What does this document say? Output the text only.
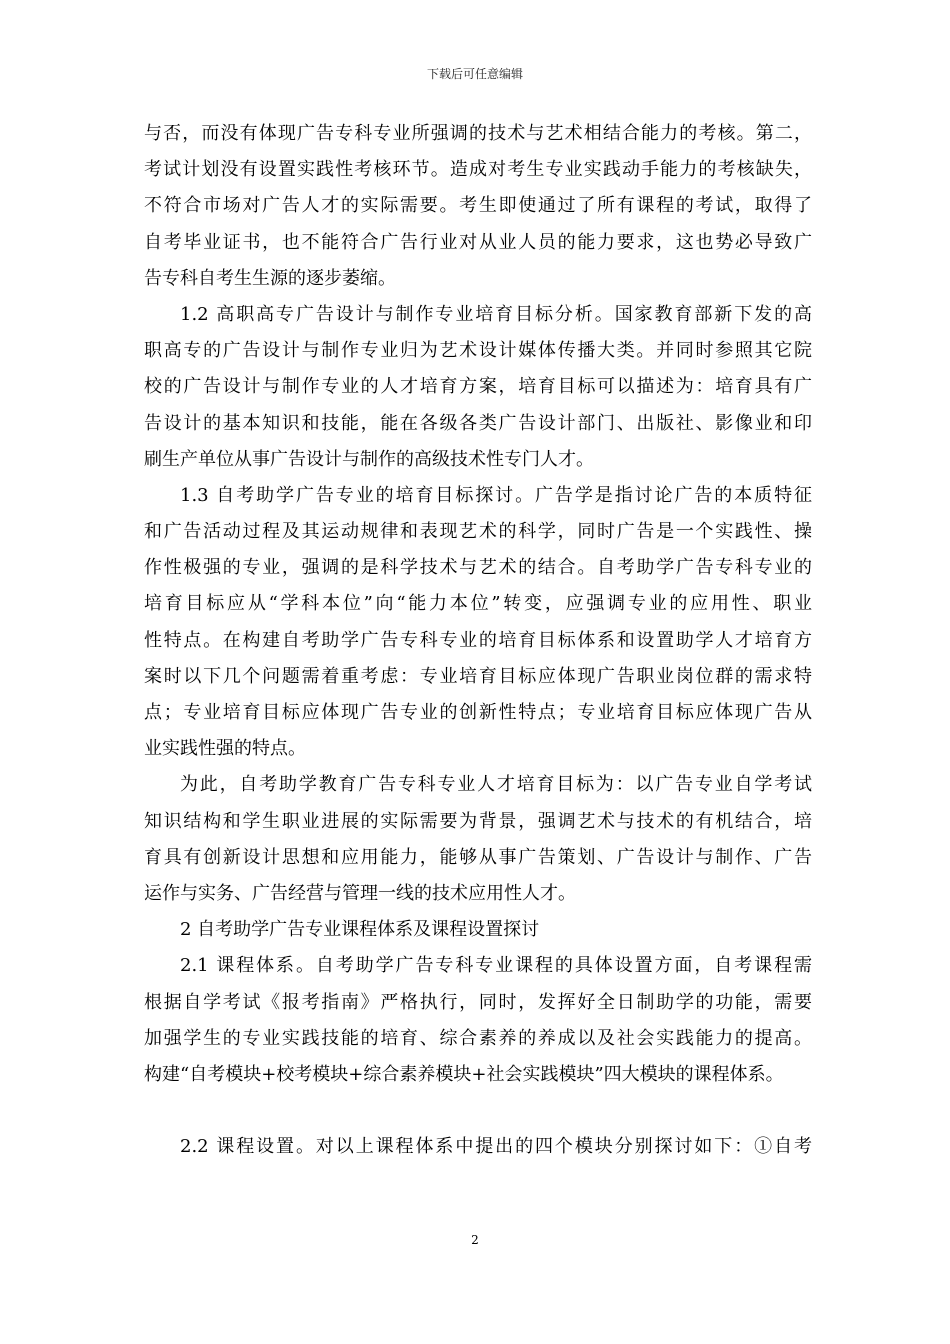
下载后可任意编辑
与否，而没有体现广告专科专业所强调的技术与艺术相结合能力的考核。第二，
考试计划没有设置实践性考核环节。造成对考生专业实践动手能力的考核缺失，
不符合市场对广告人才的实际需要。考生即使通过了所有课程的考试，取得了
自考毕业证书，也不能符合广告行业对从业人员的能力要求，这也势必导致广
告专科自考生生源的逐步萎缩。
1.2 高职高专广告设计与制作专业培育目标分析。国家教育部新下发的高
职高专的广告设计与制作专业归为艺术设计媒体传播大类。并同时参照其它院
校的广告设计与制作专业的人才培育方案，培育目标可以描述为：培育具有广
告设计的基本知识和技能，能在各级各类广告设计部门、出版社、影像业和印
刷生产单位从事广告设计与制作的高级技术性专门人才。
1.3 自考助学广告专业的培育目标探讨。广告学是指讨论广告的本质特征
和广告活动过程及其运动规律和表现艺术的科学，同时广告是一个实践性、操
作性极强的专业，强调的是科学技术与艺术的结合。自考助学广告专科专业的
培育目标应从“学科本位”向“能力本位”转变，应强调专业的应用性、职业
性特点。在构建自考助学广告专科专业的培育目标体系和设置助学人才培育方
案时以下几个问题需着重考虑：专业培育目标应体现广告职业岗位群的需求特
点；专业培育目标应体现广告专业的创新性特点；专业培育目标应体现广告从
业实践性强的特点。
为此，自考助学教育广告专科专业人才培育目标为：以广告专业自学考试
知识结构和学生职业进展的实际需要为背景，强调艺术与技术的有机结合，培
育具有创新设计思想和应用能力，能够从事广告策划、广告设计与制作、广告
运作与实务、广告经营与管理一线的技术应用性人才。
2 自考助学广告专业课程体系及课程设置探讨
2.1 课程体系。自考助学广告专科专业课程的具体设置方面，自考课程需
根据自学考试《报考指南》严格执行，同时，发挥好全日制助学的功能，需要
加强学生的专业实践技能的培育、综合素养的养成以及社会实践能力的提高。
构建“自考模块+校考模块+综合素养模块+社会实践模块”四大模块的课程体系。
2.2 课程设置。对以上课程体系中提出的四个模块分别探讨如下：①自考
2
